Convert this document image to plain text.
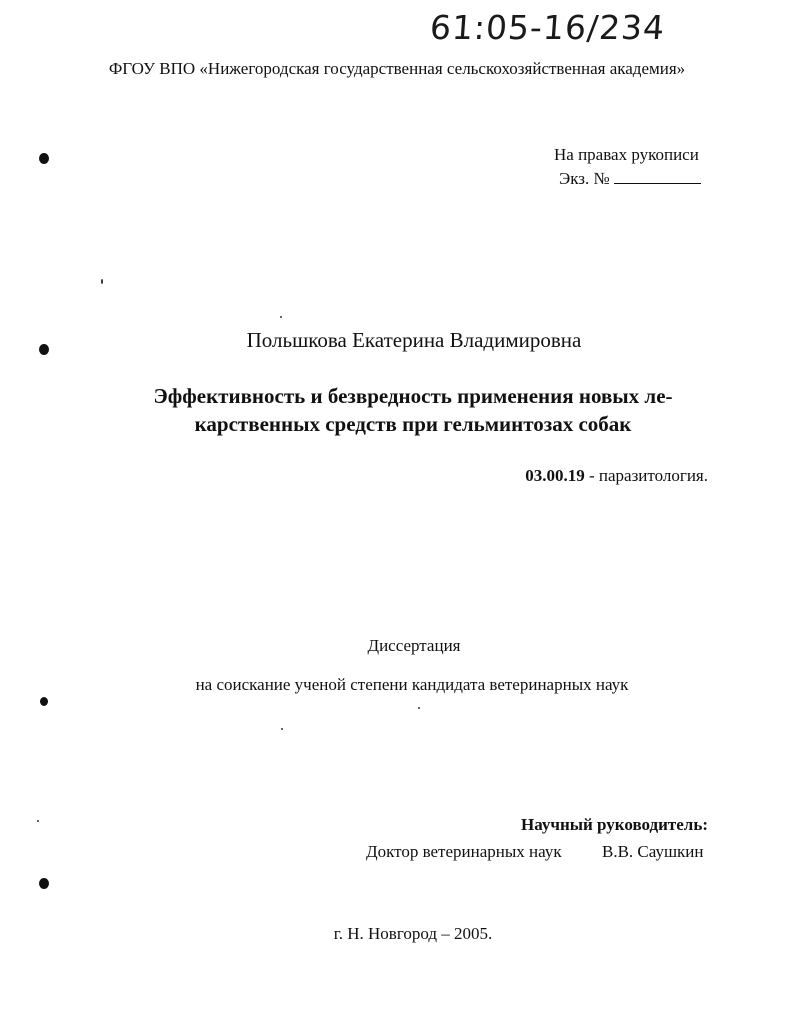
61:05-16/234
ФГОУ ВПО «Нижегородская государственная сельскохозяйственная академия»
На правах рукописи
Экз. №
Польшкова Екатерина Владимировна
Эффективность и безвредность применения новых ле-
карственных средств при гельминтозах собак
03.00.19 - паразитология.
Диссертация
на соискание ученой степени кандидата ветеринарных наук
Научный руководитель:
Доктор ветеринарных наук В.В. Саушкин
г. Н. Новгород – 2005.
